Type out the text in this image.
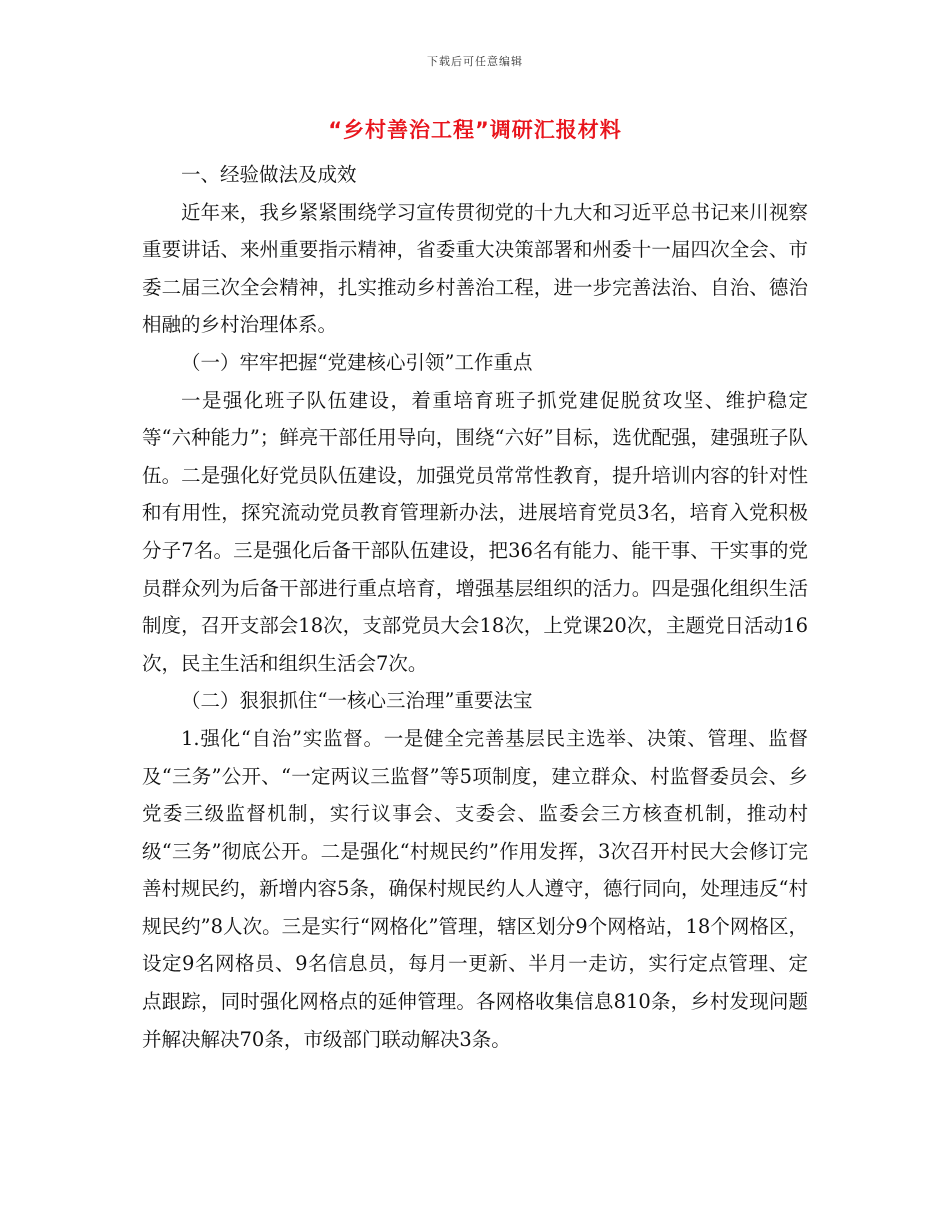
下载后可任意编辑
“乡村善治工程”调研汇报材料

一、经验做法及成效

近年来，我乡紧紧围绕学习宣传贯彻党的十九大和习近平总书记来川视察重要讲话、来州重要指示精神，省委重大决策部署和州委十一届四次全会、市委二届三次全会精神，扎实推动乡村善治工程，进一步完善法治、自治、德治相融的乡村治理体系。

（一）牢牢把握“党建核心引领”工作重点

一是强化班子队伍建设，着重培育班子抓党建促脱贫攻坚、维护稳定等“六种能力”；鲜亮干部任用导向，围绕“六好”目标，选优配强，建强班子队伍。二是强化好党员队伍建设，加强党员常常性教育，提升培训内容的针对性和有用性，探究流动党员教育管理新办法，进展培育党员3名，培育入党积极分子7名。三是强化后备干部队伍建设，把36名有能力、能干事、干实事的党员群众列为后备干部进行重点培育，增强基层组织的活力。四是强化组织生活制度，召开支部会18次，支部党员大会18次，上党课20次，主题党日活动16次，民主生活和组织生活会7次。

（二）狠狠抓住“一核心三治理”重要法宝

1.强化“自治”实监督。一是健全完善基层民主选举、决策、管理、监督及“三务”公开、“一定两议三监督”等5项制度，建立群众、村监督委员会、乡党委三级监督机制，实行议事会、支委会、监委会三方核查机制，推动村级“三务”彻底公开。二是强化“村规民约”作用发挥，3次召开村民大会修订完善村规民约，新增内容5条，确保村规民约人人遵守，德行同向，处理违反“村规民约”8人次。三是实行“网格化”管理，辖区划分9个网格站，18个网格区，设定9名网格员、9名信息员，每月一更新、半月一走访，实行定点管理、定点跟踪，同时强化网格点的延伸管理。各网格收集信息810条，乡村发现问题并解决解决70条，市级部门联动解决3条。
